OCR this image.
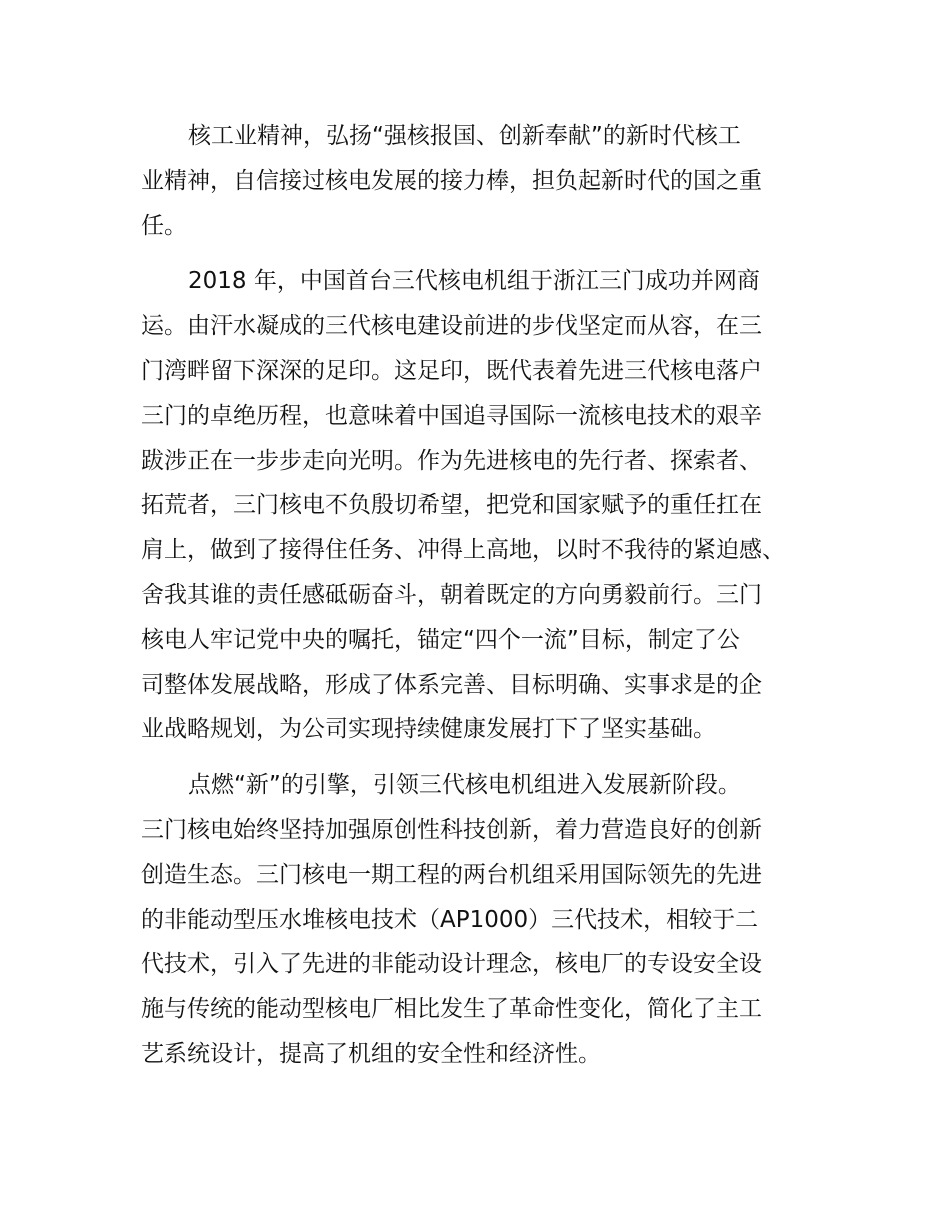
核工业精神，弘扬“强核报国、创新奉献”的新时代核工
业精神，自信接过核电发展的接力棒，担负起新时代的国之重
任。

2018 年，中国首台三代核电机组于浙江三门成功并网商
运。由汗水凝成的三代核电建设前进的步伐坚定而从容，在三
门湾畔留下深深的足印。这足印，既代表着先进三代核电落户
三门的卓绝历程，也意味着中国追寻国际一流核电技术的艰辛
跋涉正在一步步走向光明。作为先进核电的先行者、探索者、
拓荒者，三门核电不负殷切希望，把党和国家赋予的重任扛在
肩上，做到了接得住任务、冲得上高地，以时不我待的紧迫感、
舍我其谁的责任感砥砺奋斗，朝着既定的方向勇毅前行。三门
核电人牢记党中央的嘱托，锚定“四个一流”目标，制定了公
司整体发展战略，形成了体系完善、目标明确、实事求是的企
业战略规划，为公司实现持续健康发展打下了坚实基础。

点燃“新”的引擎，引领三代核电机组进入发展新阶段。
三门核电始终坚持加强原创性科技创新，着力营造良好的创新
创造生态。三门核电一期工程的两台机组采用国际领先的先进
的非能动型压水堆核电技术（AP1000）三代技术，相较于二
代技术，引入了先进的非能动设计理念，核电厂的专设安全设
施与传统的能动型核电厂相比发生了革命性变化，简化了主工
艺系统设计，提高了机组的安全性和经济性。
